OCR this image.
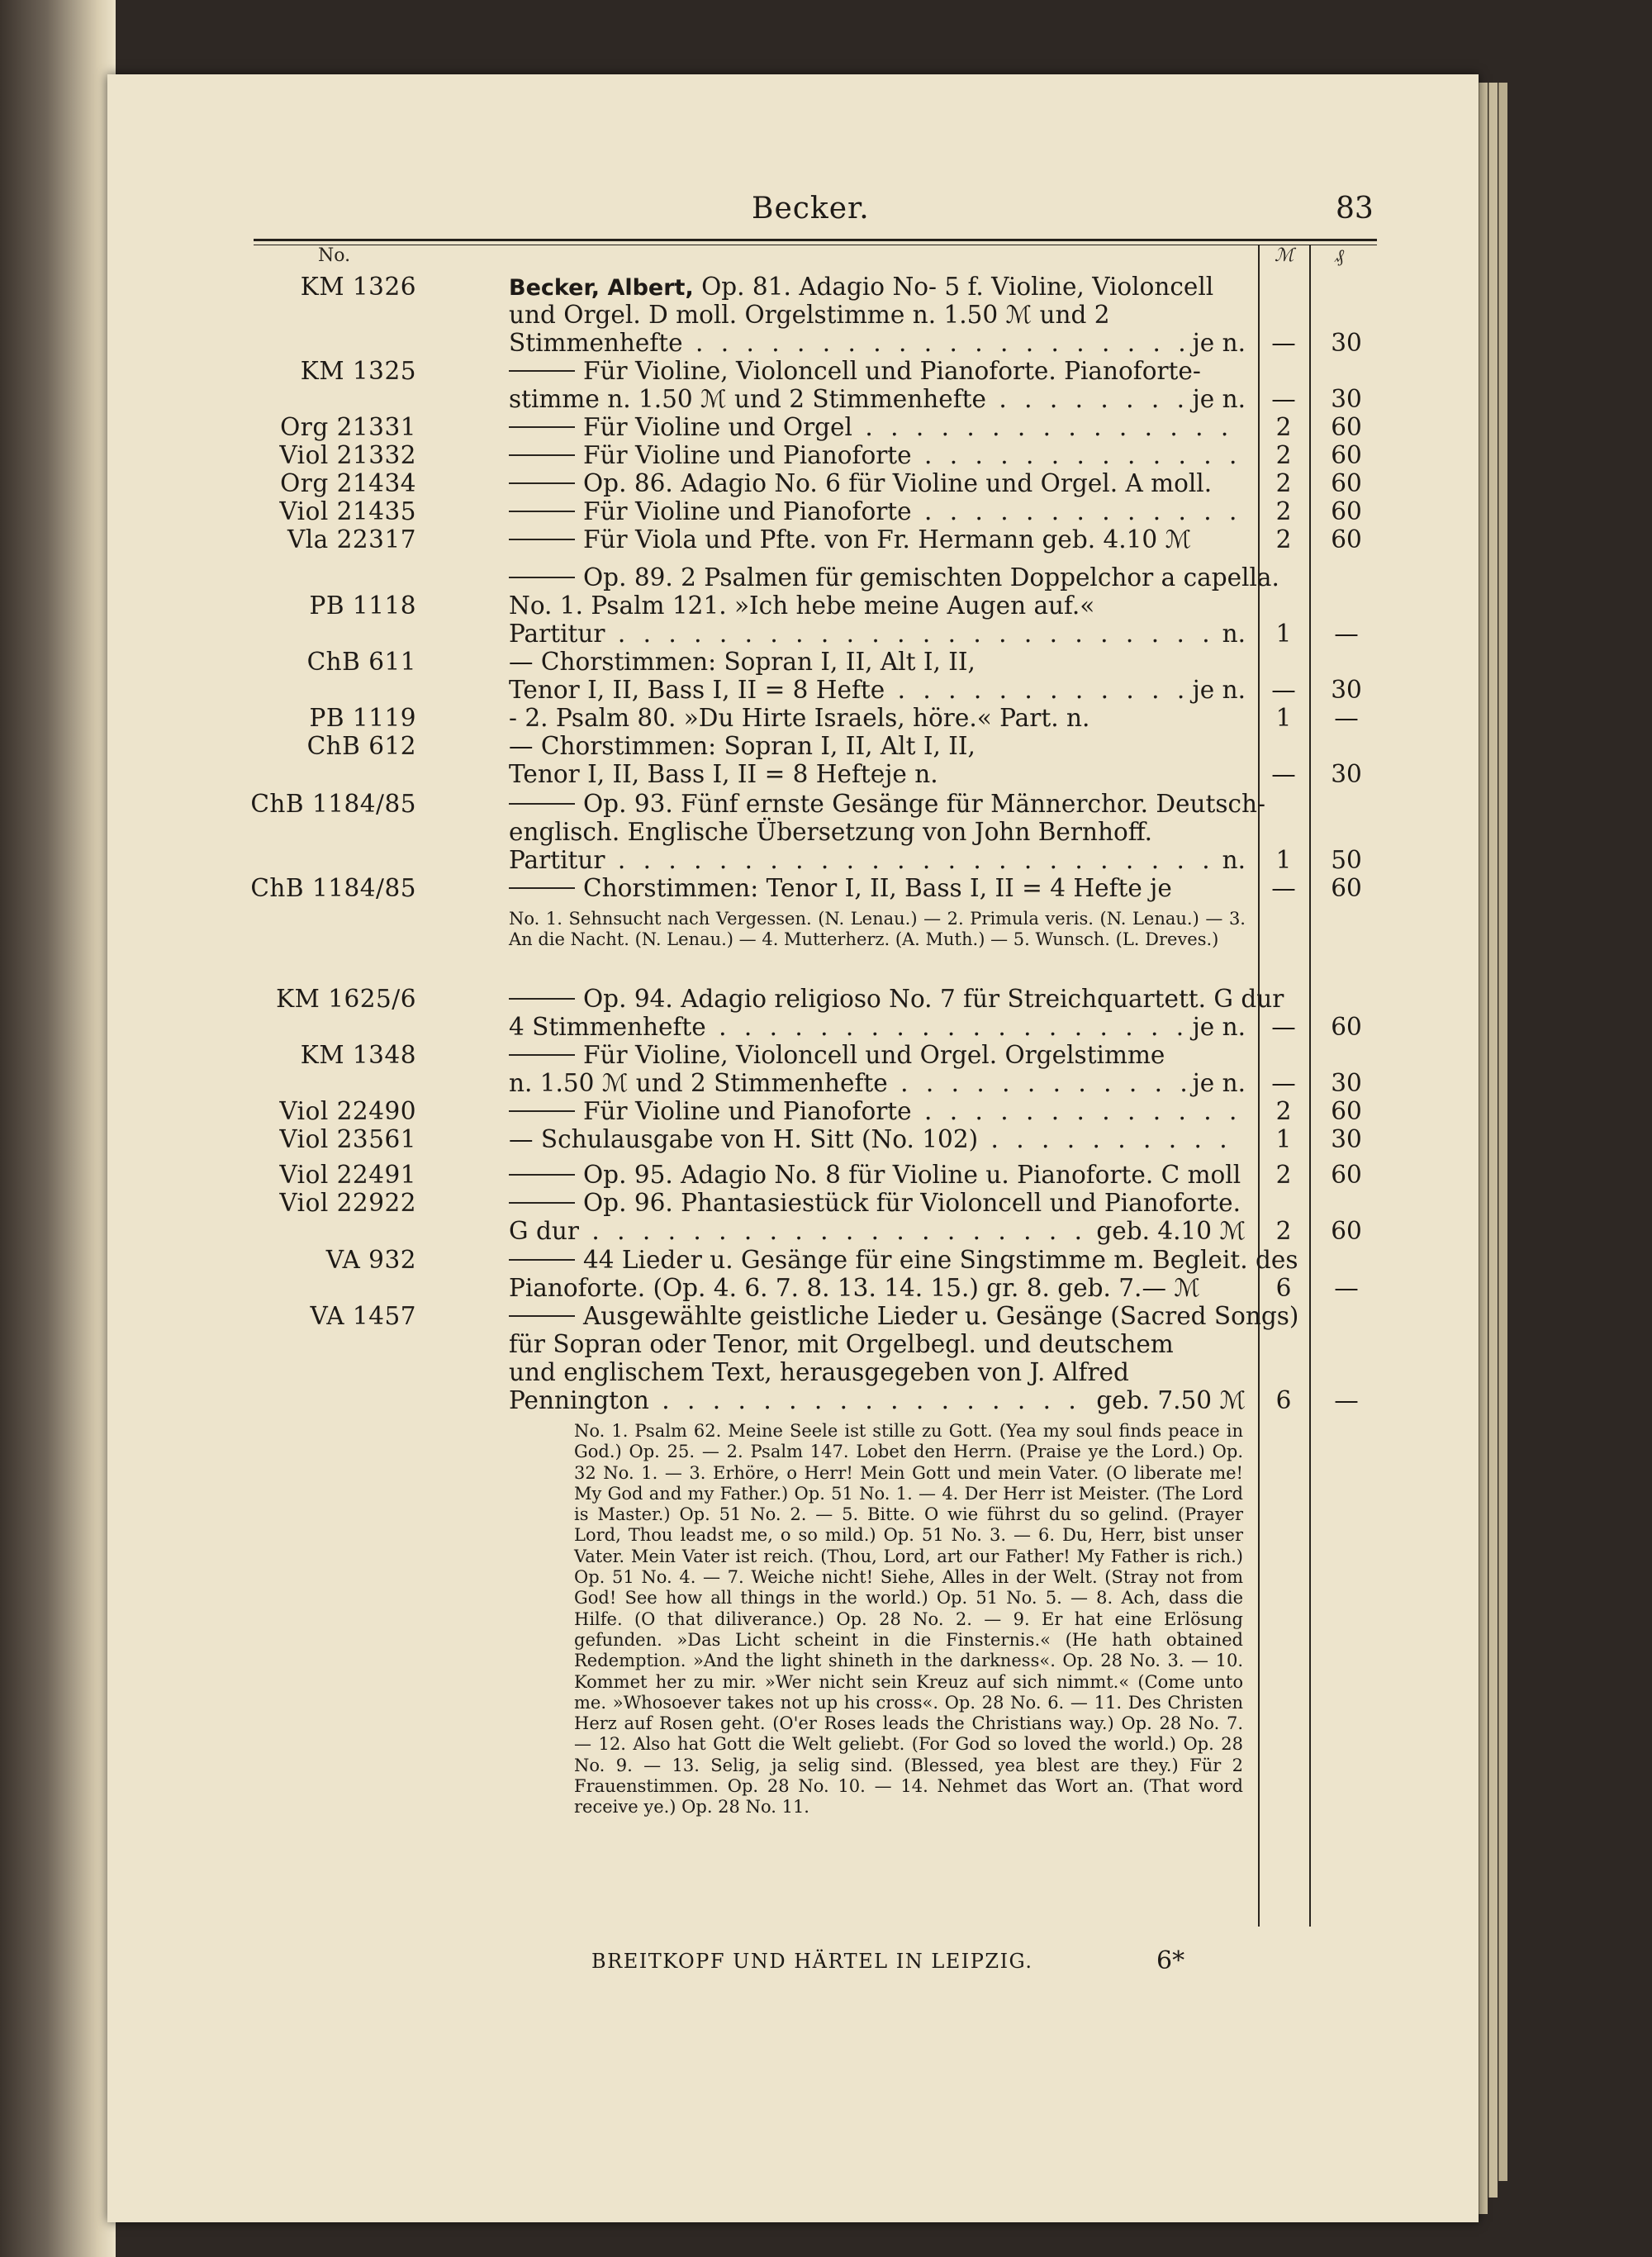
Becker.	83
No.	ℳ ₰
KM 1326	Becker, Albert, Op. 81. Adagio No- 5 f. Violine, Violoncell
und Orgel. D moll. Orgelstimme n. 1.50 ℳ und 2
Stimmenhefte . . .	je n.	—	30
KM 1325	Für Violine, Violoncell und Pianoforte. Pianoforte-
stimme n. 1.50 ℳ und 2 Stimmenhefte . . .	je n.	—	30
Org 21331	Für Violine und Orgel . . .	2	60
Viol 21332	Für Violine und Pianoforte . . .	2	60
Org 21434	Op. 86. Adagio No. 6 für Violine und Orgel. A moll.	2	60
Viol 21435	Für Violine und Pianoforte . . .	2	60
Vla 22317	Für Viola und Pfte. von Fr. Hermann geb. 4.10 ℳ	2	60
Op. 89. 2 Psalmen für gemischten Doppelchor a capella.
PB 1118	No. 1. Psalm 121. »Ich hebe meine Augen auf.«
Partitur . . .	n.	1	—
ChB 611	— Chorstimmen: Sopran I, II, Alt I, II,
Tenor I, II, Bass I, II = 8 Hefte . . .	je n.	—	30
PB 1119	- 2. Psalm 80. »Du Hirte Israels, höre.« Part. n.	1	—
ChB 612	— Chorstimmen: Sopran I, II, Alt I, II,
Tenor I, II, Bass I, II = 8 Hefte je n.	—	30
ChB 1184/85	Op. 93. Fünf ernste Gesänge für Männerchor. Deutsch-
englisch. Englische Übersetzung von John Bernhoff.
Partitur . . .	n.	1	50
ChB 1184/85	Chorstimmen: Tenor I, II, Bass I, II = 4 Hefte je	—	60
No. 1. Sehnsucht nach Vergessen. (N. Lenau.) — 2. Primula veris. (N. Lenau.) — 3. An die Nacht. (N. Lenau.) — 4. Mutterherz. (A. Muth.) — 5. Wunsch. (L. Dreves.)
KM 1625/6	Op. 94. Adagio religioso No. 7 für Streichquartett. G dur
4 Stimmenhefte . . .	je n.	—	60
KM 1348	Für Violine, Violoncell und Orgel. Orgelstimme
n. 1.50 ℳ und 2 Stimmenhefte . . .	je n.	—	30
Viol 22490	Für Violine und Pianoforte . . .	2	60
Viol 23561	— Schulausgabe von H. Sitt (No. 102) . . .	1	30
Viol 22491	Op. 95. Adagio No. 8 für Violine u. Pianoforte. C moll	2	60
Viol 22922	Op. 96. Phantasiestück für Violoncell und Pianoforte.
G dur . . .	geb. 4.10 ℳ	2	60
VA 932	44 Lieder u. Gesänge für eine Singstimme m. Begleit. des
Pianoforte. (Op. 4. 6. 7. 8. 13. 14. 15.) gr. 8. geb. 7.— ℳ	6	—
VA 1457	Ausgewählte geistliche Lieder u. Gesänge (Sacred Songs)
für Sopran oder Tenor, mit Orgelbegl. und deutschem
und englischem Text, herausgegeben von J. Alfred
Pennington . . .	geb. 7.50 ℳ	6	—
No. 1. Psalm 62. Meine Seele ist stille zu Gott. (Yea my soul finds peace in God.) Op. 25. — 2. Psalm 147. Lobet den Herrn. (Praise ye the Lord.) Op. 32 No. 1. — 3. Erhöre, o Herr! Mein Gott und mein Vater. (O liberate me! My God and my Father.) Op. 51 No. 1. — 4. Der Herr ist Meister. (The Lord is Master.) Op. 51 No. 2. — 5. Bitte. O wie führst du so gelind. (Prayer Lord, Thou leadst me, o so mild.) Op. 51 No. 3. — 6. Du, Herr, bist unser Vater. Mein Vater ist reich. (Thou, Lord, art our Father! My Father is rich.) Op. 51 No. 4. — 7. Weiche nicht! Siehe, Alles in der Welt. (Stray not from God! See how all things in the world.) Op. 51 No. 5. — 8. Ach, dass die Hilfe. (O that diliverance.) Op. 28 No. 2. — 9. Er hat eine Erlösung gefunden. »Das Licht scheint in die Finsternis.« (He hath obtained Redemption. »And the light shineth in the darkness«. Op. 28 No. 3. — 10. Kommet her zu mir. »Wer nicht sein Kreuz auf sich nimmt.« (Come unto me. »Whosoever takes not up his cross«. Op. 28 No. 6. — 11. Des Christen Herz auf Rosen geht. (O'er Roses leads the Christians way.) Op. 28 No. 7. — 12. Also hat Gott die Welt geliebt. (For God so loved the world.) Op. 28 No. 9. — 13. Selig, ja selig sind. (Blessed, yea blest are they.) Für 2 Frauenstimmen. Op. 28 No. 10. — 14. Nehmet das Wort an. (That word receive ye.) Op. 28 No. 11.
BREITKOPF UND HÄRTEL IN LEIPZIG.	6*
